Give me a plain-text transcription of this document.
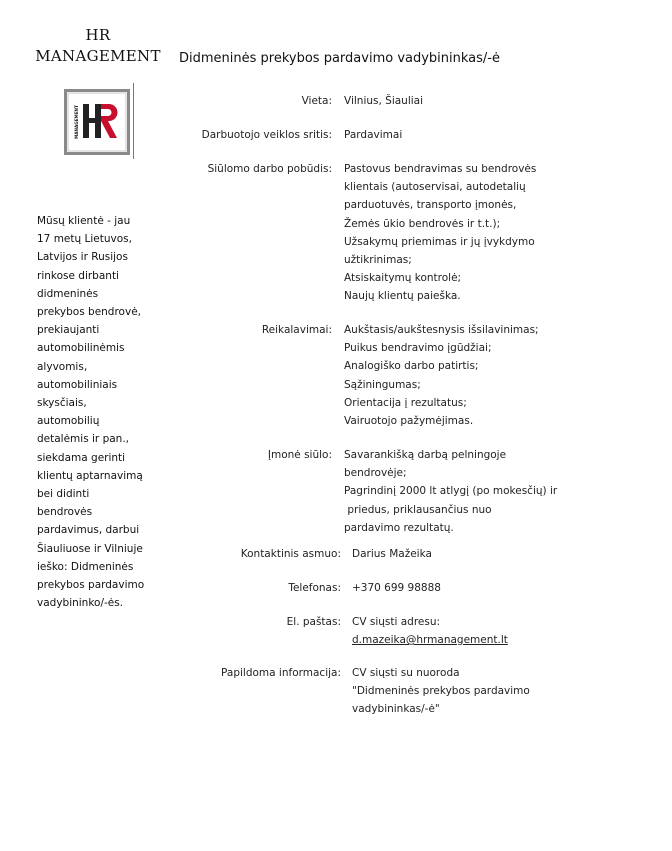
HR
MANAGEMENT
MANAGEMENT
Didmeninės prekybos pardavimo vadybininkas/-ė
Mūsų klientė - jau
17 metų Lietuvos,
Latvijos ir Rusijos
rinkose dirbanti
didmeninės
prekybos bendrovė,
prekiaujanti
automobilinėmis
alyvomis,
automobiliniais
skysčiais,
automobilių
detalėmis ir pan.,
siekdama gerinti
klientų aptarnavimą
bei didinti
bendrovės
pardavimus, darbui
Šiauliuose ir Vilniuje
ieško: Didmeninės
prekybos pardavimo
vadybininko/-ės.
Vieta: Vilnius, Šiauliai
Darbuotojo veiklos sritis: Pardavimai
Siūlomo darbo pobūdis: Pastovus bendravimas su bendrovės
klientais (autoservisai, autodetalių
parduotuvės, transporto įmonės,
Žemės ūkio bendrovės ir t.t.);
Užsakymų priemimas ir jų įvykdymo
užtikrinimas;
Atsiskaitymų kontrolė;
Naujų klientų paieška.
Reikalavimai: Aukštasis/aukštesnysis išsilavinimas;
Puikus bendravimo įgūdžiai;
Analogiško darbo patirtis;
Sąžiningumas;
Orientacija į rezultatus;
Vairuotojo pažymėjimas.
Įmonė siūlo: Savarankišką darbą pelningoje
bendrovėje;
Pagrindinį 2000 lt atlygį (po mokesčių) ir
priedus, priklausančius nuo
pardavimo rezultatų.
Kontaktinis asmuo: Darius Mažeika
Telefonas: +370 699 98888
El. paštas: CV siųsti adresu:
d.mazeika@hrmanagement.lt
Papildoma informacija: CV siųsti su nuoroda
"Didmeninės prekybos pardavimo
vadybininkas/-ė"
